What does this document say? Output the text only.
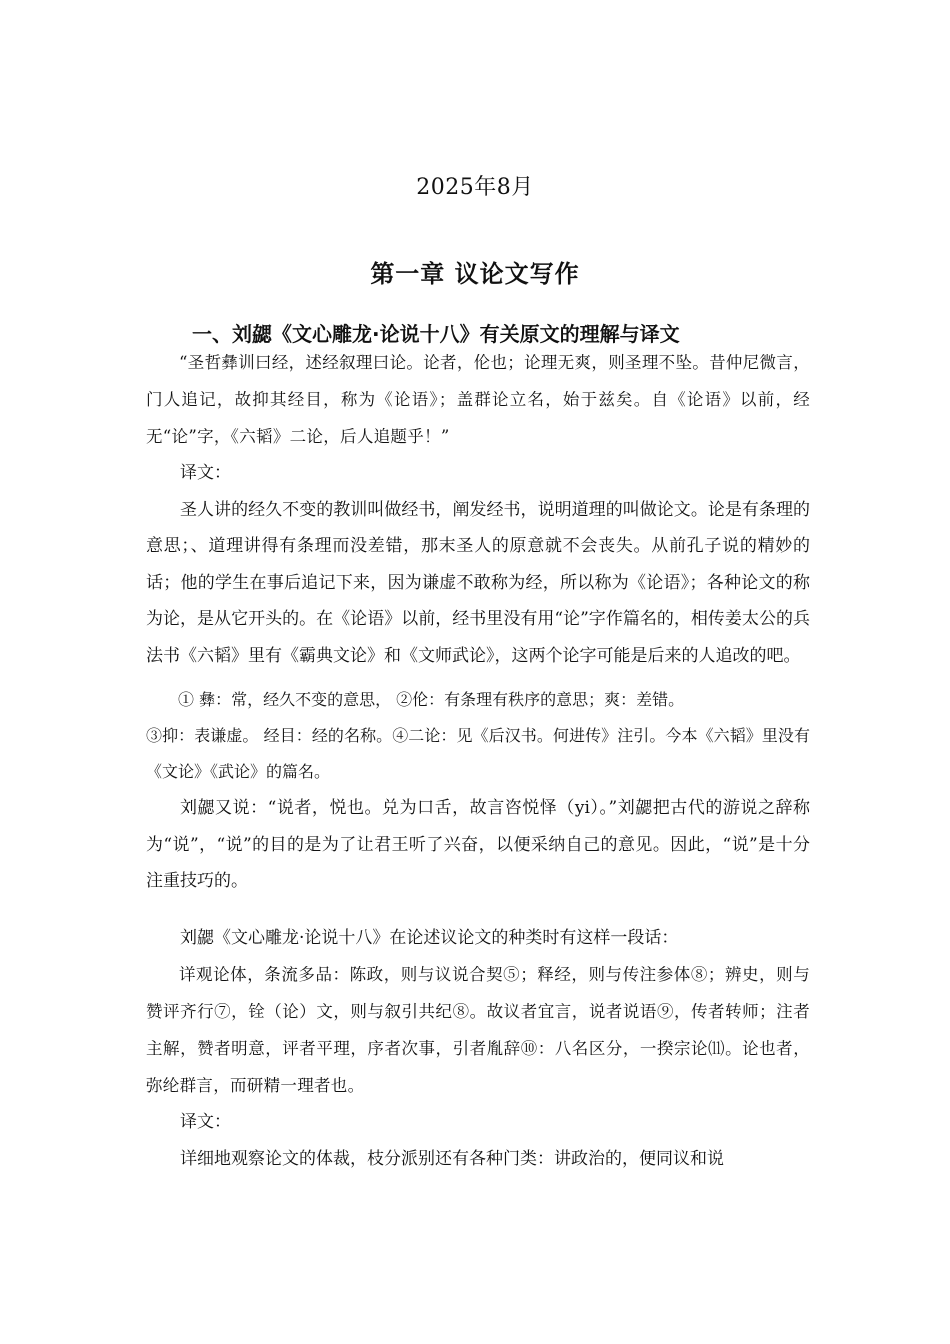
2025年8月
第一章 议论文写作
一、刘勰《文心雕龙·论说十八》有关原文的理解与译文

“圣哲彝训曰经，述经叙理曰论。论者，伦也；论理无爽，则圣理不坠。昔仲尼微言，门人追记，故抑其经目，称为《论语》；盖群论立名，始于兹矣。自《论语》以前，经无“论”字，《六韬》二论，后人追题乎！”

译文：

圣人讲的经久不变的教训叫做经书，阐发经书，说明道理的叫做论文。论是有条理的意思；、道理讲得有条理而没差错，那末圣人的原意就不会丧失。从前孔子说的精妙的话；他的学生在事后追记下来，因为谦虚不敢称为经，所以称为《论语》；各种论文的称为论，是从它开头的。在《论语》以前，经书里没有用“论”字作篇名的，相传姜太公的兵法书《六韬》里有《霸典文论》和《文师武论》，这两个论字可能是后来的人追改的吧。

① 彝：常，经久不变的意思， ②伦：有条理有秩序的意思；爽：差错。

③抑：表谦虚。 经目：经的名称。④二论：见《后汉书。何进传》注引。今本《六韬》里没有《文论》《武论》的篇名。

刘勰又说：“说者，悦也。兑为口舌，故言咨悦怿（yi）。”刘勰把古代的游说之辞称为“说”，“说”的目的是为了让君王听了兴奋，以便采纳自己的意见。因此，“说”是十分注重技巧的。

刘勰《文心雕龙·论说十八》在论述议论文的种类时有这样一段话：

详观论体，条流多品：陈政，则与议说合契⑤；释经，则与传注参体⑧；辨史，则与赞评齐行⑦，铨（论）文，则与叙引共纪⑧。故议者宜言，说者说语⑨，传者转师；注者主解，赞者明意，评者平理，序者次事，引者胤辞⑩：八名区分，一揆宗论⑾。论也者，弥纶群言，而研精一理者也。

译文：

详细地观察论文的体裁，枝分派别还有各种门类：讲政治的，便同议和说
